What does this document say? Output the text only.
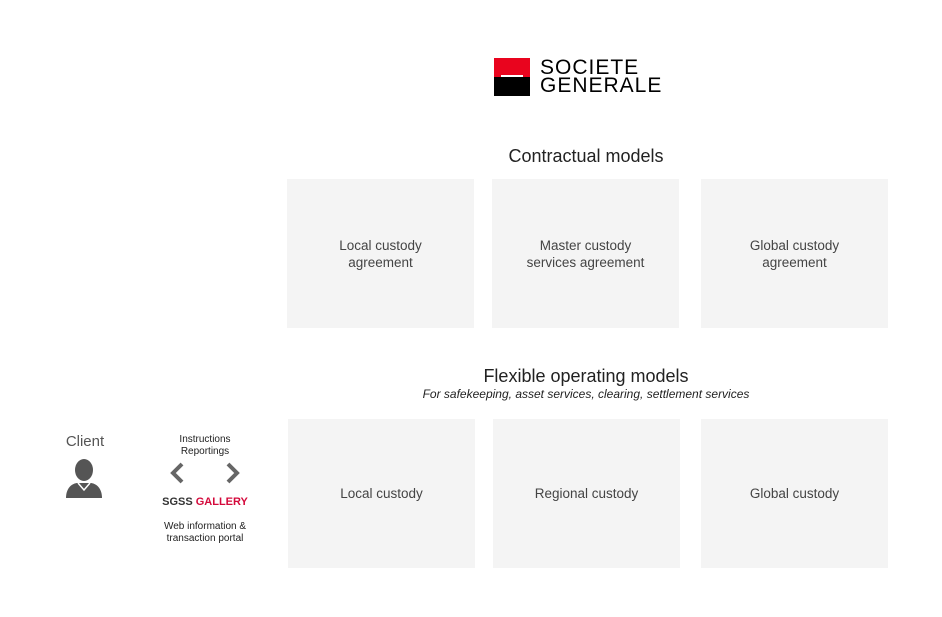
SOCIETE
GENERALE
Contractual models
Local custody agreement
Master custody services agreement
Global custody agreement
Flexible operating models
For safekeeping, asset services, clearing, settlement services
Local custody	Regional custody	Global custody
Client	Instructions
Reportings
SGSS GALLERY
Web information &
transaction portal
